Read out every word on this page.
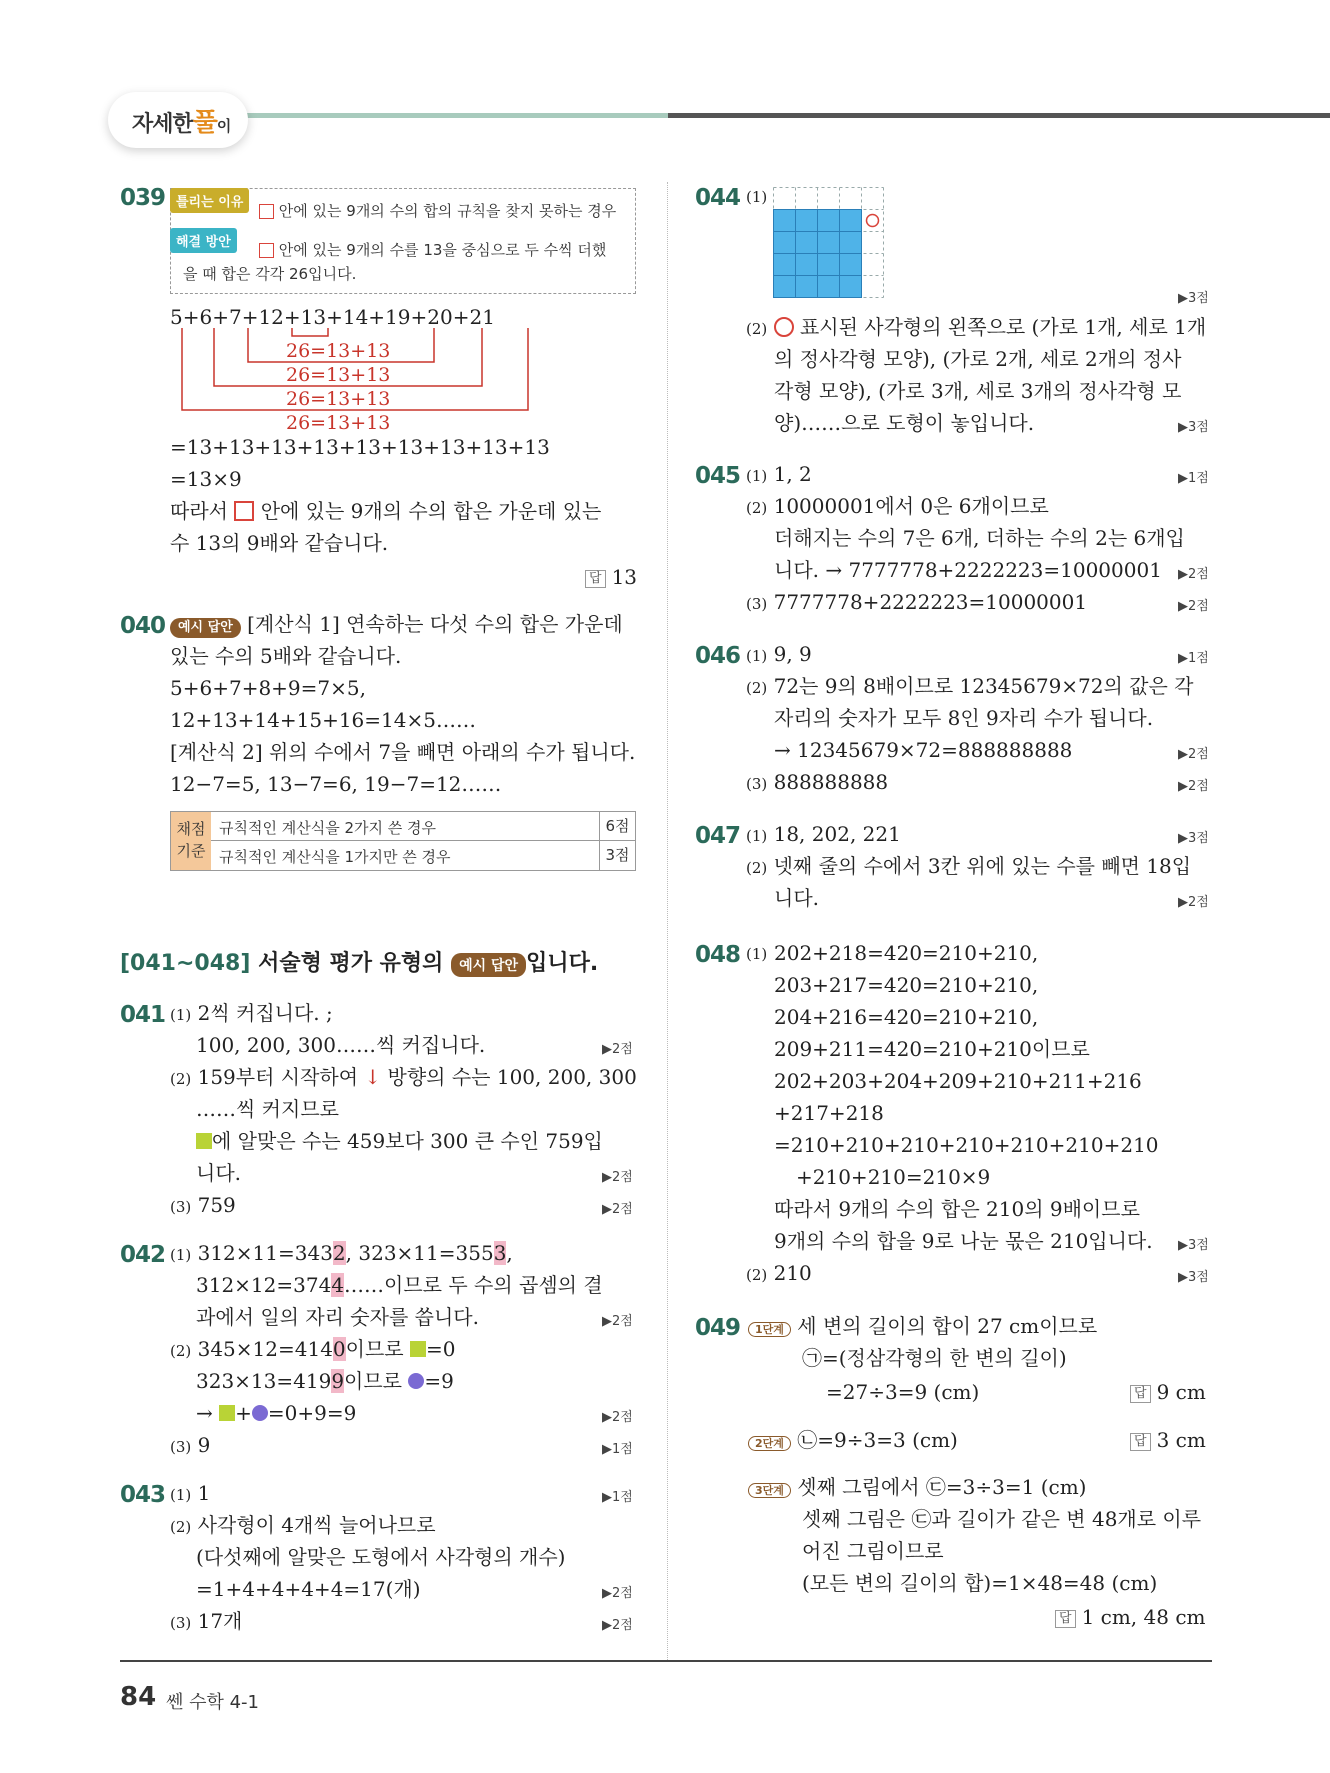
자세한풀이
039 틀리는 이유	안에 있는 9개의 수의 합의 규칙을 찾지 못하는 경우
해결 방안	안에 있는 9개의 수를 13을 중심으로 두 수씩 더했
을 때 합은 각각 26입니다.
5+6+7+12+13+14+19+20+21
26=13+13
26=13+13
26=13+13
26=13+13
=13+13+13+13+13+13+13+13+13
=13×9
따라서 안에 있는 9개의 수의 합은 가운데 있는
수 13의 9배와 같습니다.
답 13
040 예시 답안 [계산식 1] 연속하는 다섯 수의 합은 가운데
있는 수의 5배와 같습니다.
5+6+7+8+9=7×5,
12+13+14+15+16=14×5……
[계산식 2] 위의 수에서 7을 빼면 아래의 수가 됩니다.
12−7=5, 13−7=6, 19−7=12……
채점
기준
규칙적인 계산식을 2가지 쓴 경우	6점
규칙적인 계산식을 1가지만 쓴 경우	3점
[041~048] 서술형 평가 유형의 예시 답안 입니다.
041 (1) 2씩 커집니다. ;
100, 200, 300……씩 커집니다.	▶2점
(2) 159부터 시작하여 ↓ 방향의 수는 100, 200, 300
……씩 커지므로
에 알맞은 수는 459보다 300 큰 수인 759입
니다.	▶2점
(3) 759	▶2점
042 (1) 312×11=3432, 323×11=3553,
312×12=3744……이므로 두 수의 곱셈의 결
과에서 일의 자리 숫자를 씁니다.	▶2점
(2) 345×12=4140이므로 =0
323×13=4199이므로 =9
→ + =0+9=9	▶2점
(3) 9	▶1점
043 (1) 1	▶1점
(2) 사각형이 4개씩 늘어나므로
(다섯째에 알맞은 도형에서 사각형의 개수)
=1+4+4+4+4=17(개)	▶2점
(3) 17개	▶2점
044 (1)
▶3점
(2) 표시된 사각형의 왼쪽으로 (가로 1개, 세로 1개
의 정사각형 모양), (가로 2개, 세로 2개의 정사
각형 모양), (가로 3개, 세로 3개의 정사각형 모
양)……으로 도형이 놓입니다.	▶3점
045 (1) 1, 2	▶1점
(2) 10000001에서 0은 6개이므로
더해지는 수의 7은 6개, 더하는 수의 2는 6개입
니다. → 7777778+2222223=10000001 ▶2점
(3) 7777778+2222223=10000001	▶2점
046 (1) 9, 9	▶1점
(2) 72는 9의 8배이므로 12345679×72의 값은 각
자리의 숫자가 모두 8인 9자리 수가 됩니다.
→ 12345679×72=888888888	▶2점
(3) 888888888	▶2점
047 (1) 18, 202, 221	▶3점
(2) 넷째 줄의 수에서 3칸 위에 있는 수를 빼면 18입
니다.	▶2점
048 (1) 202+218=420=210+210,
203+217=420=210+210,
204+216=420=210+210,
209+211=420=210+210이므로
202+203+204+209+210+211+216
+217+218
=210+210+210+210+210+210+210
+210+210=210×9
따라서 9개의 수의 합은 210의 9배이므로
9개의 수의 합을 9로 나눈 몫은 210입니다. ▶3점
(2) 210	▶3점
049	1단계 세 변의 길이의 합이 27 cm이므로
㉠=(정삼각형의 한 변의 길이)
=27÷3=9 (cm)	답 9 cm
2단계 ㉡=9÷3=3 (cm)	답 3 cm
3단계 셋째 그림에서 ㉢=3÷3=1 (cm)
셋째 그림은 ㉢과 길이가 같은 변 48개로 이루
어진 그림이므로
(모든 변의 길이의 합)=1×48=48 (cm)
답 1 cm, 48 cm
84 쎈 수학 4-1
